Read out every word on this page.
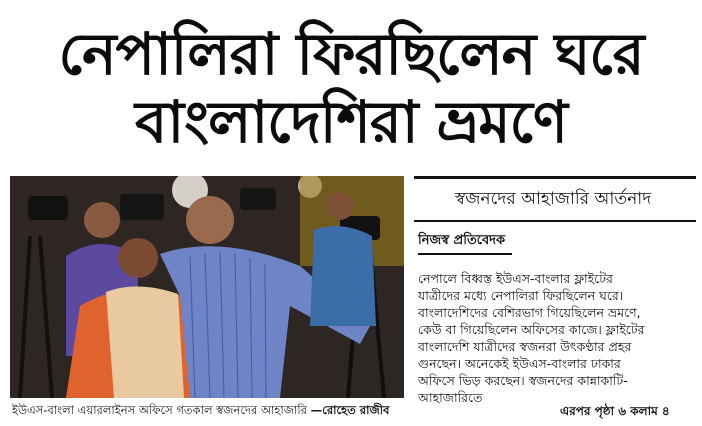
নেপালিরা ফিরছিলেন ঘরে
বাংলাদেশিরা ভ্রমণে
ইউএস-বাংলা এয়ারলাইনস অফিসে গতকাল স্বজনদের আহাজারি —রোহেত রাজীব
স্বজনদের আহাজারি আর্তনাদ
নিজস্ব প্রতিবেদক
নেপালে বিধ্বস্ত ইউএস-বাংলার ফ্লাইটের
যাত্রীদের মধ্যে নেপালিরা ফিরছিলেন ঘরে।
বাংলাদেশিদের বেশিরভাগ গিয়েছিলেন ভ্রমণে,
কেউ বা গিয়েছিলেন অফিসের কাজে। ফ্লাইটের
বাংলাদেশি যাত্রীদের স্বজনরা উৎকণ্ঠার প্রহর
গুনছেন। অনেকেই ইউএস-বাংলার ঢাকার
অফিসে ভিড় করছেন। স্বজনদের কান্নাকাটি-
আহাজারিতে
এরপর পৃষ্ঠা ৬ কলাম ৪
